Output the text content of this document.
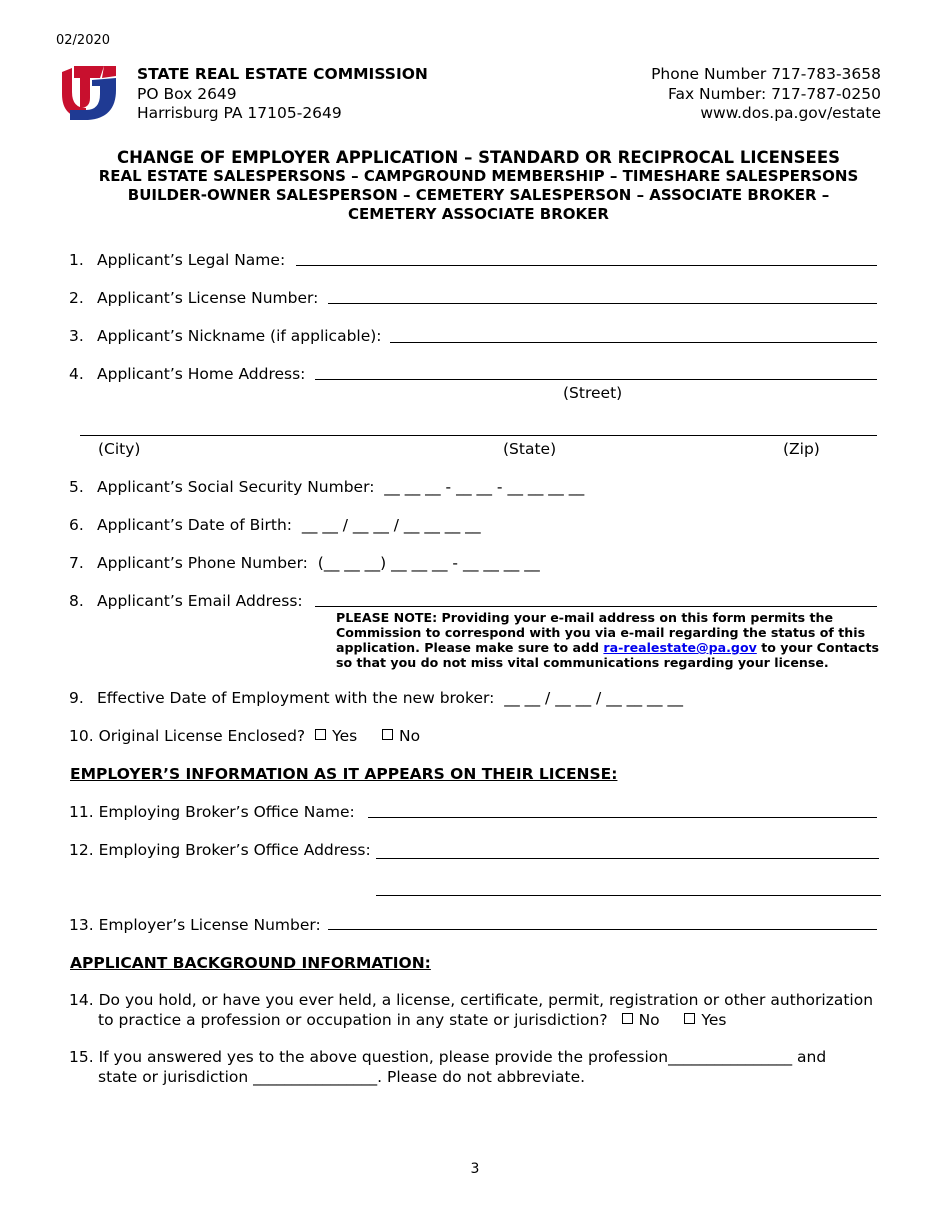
02/2020
STATE REAL ESTATE COMMISSION
PO Box 2649
Harrisburg PA 17105-2649
Phone Number 717-783-3658
Fax Number: 717-787-0250
www.dos.pa.gov/estate
CHANGE OF EMPLOYER APPLICATION – STANDARD OR RECIPROCAL LICENSEES
REAL ESTATE SALESPERSONS – CAMPGROUND MEMBERSHIP – TIMESHARE SALESPERSONS
BUILDER-OWNER SALESPERSON – CEMETERY SALESPERSON – ASSOCIATE BROKER –
CEMETERY ASSOCIATE BROKER
1. Applicant’s Legal Name:
2. Applicant’s License Number:
3. Applicant’s Nickname (if applicable):
4. Applicant’s Home Address:
(Street)
(City)	(State)	(Zip)
5. Applicant’s Social Security Number: __ __ __ - __ __ - __ __ __ __
6. Applicant’s Date of Birth: __ __ / __ __ / __ __ __ __
7. Applicant’s Phone Number: (__ __ __) __ __ __ - __ __ __ __
8. Applicant’s Email Address:
PLEASE NOTE: Providing your e-mail address on this form permits the Commission to correspond with you via e-mail regarding the status of this application. Please make sure to add ra-realestate@pa.gov to your Contacts so that you do not miss vital communications regarding your license.
9. Effective Date of Employment with the new broker: __ __ / __ __ / __ __ __ __
10. Original License Enclosed? Yes	No
EMPLOYER’S INFORMATION AS IT APPEARS ON THEIR LICENSE:
11. Employing Broker’s Office Name:
12. Employing Broker’s Office Address:
13. Employer’s License Number:
APPLICANT BACKGROUND INFORMATION:
14. Do you hold, or have you ever held, a license, certificate, permit, registration or other authorization
to practice a profession or occupation in any state or jurisdiction? No	Yes
15. If you answered yes to the above question, please provide the profession________________ and
state or jurisdiction ________________. Please do not abbreviate.
3
